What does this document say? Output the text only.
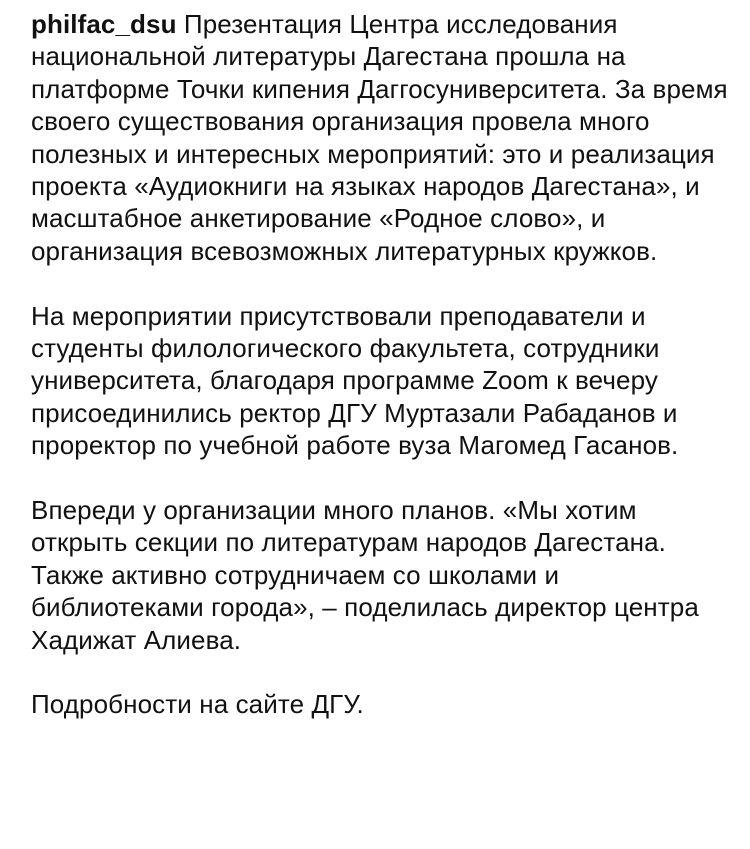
philfac_dsu Презентация Центра исследования национальной литературы Дагестана прошла на платформе Точки кипения Даггосуниверситета. За время своего существования организация провела много полезных и интересных мероприятий: это и реализация проекта «Аудиокниги на языках народов Дагестана», и масштабное анкетирование «Родное слово», и организация всевозможных литературных кружков.

На мероприятии присутствовали преподаватели и студенты филологического факультета, сотрудники университета, благодаря программе Zoom к вечеру присоединились ректор ДГУ Муртазали Рабаданов и проректор по учебной работе вуза Магомед Гасанов.

Впереди у организации много планов. «Мы хотим открыть секции по литературам народов Дагестана. Также активно сотрудничаем со школами и библиотеками города», – поделилась директор центра Хадижат Алиева.

Подробности на сайте ДГУ.
